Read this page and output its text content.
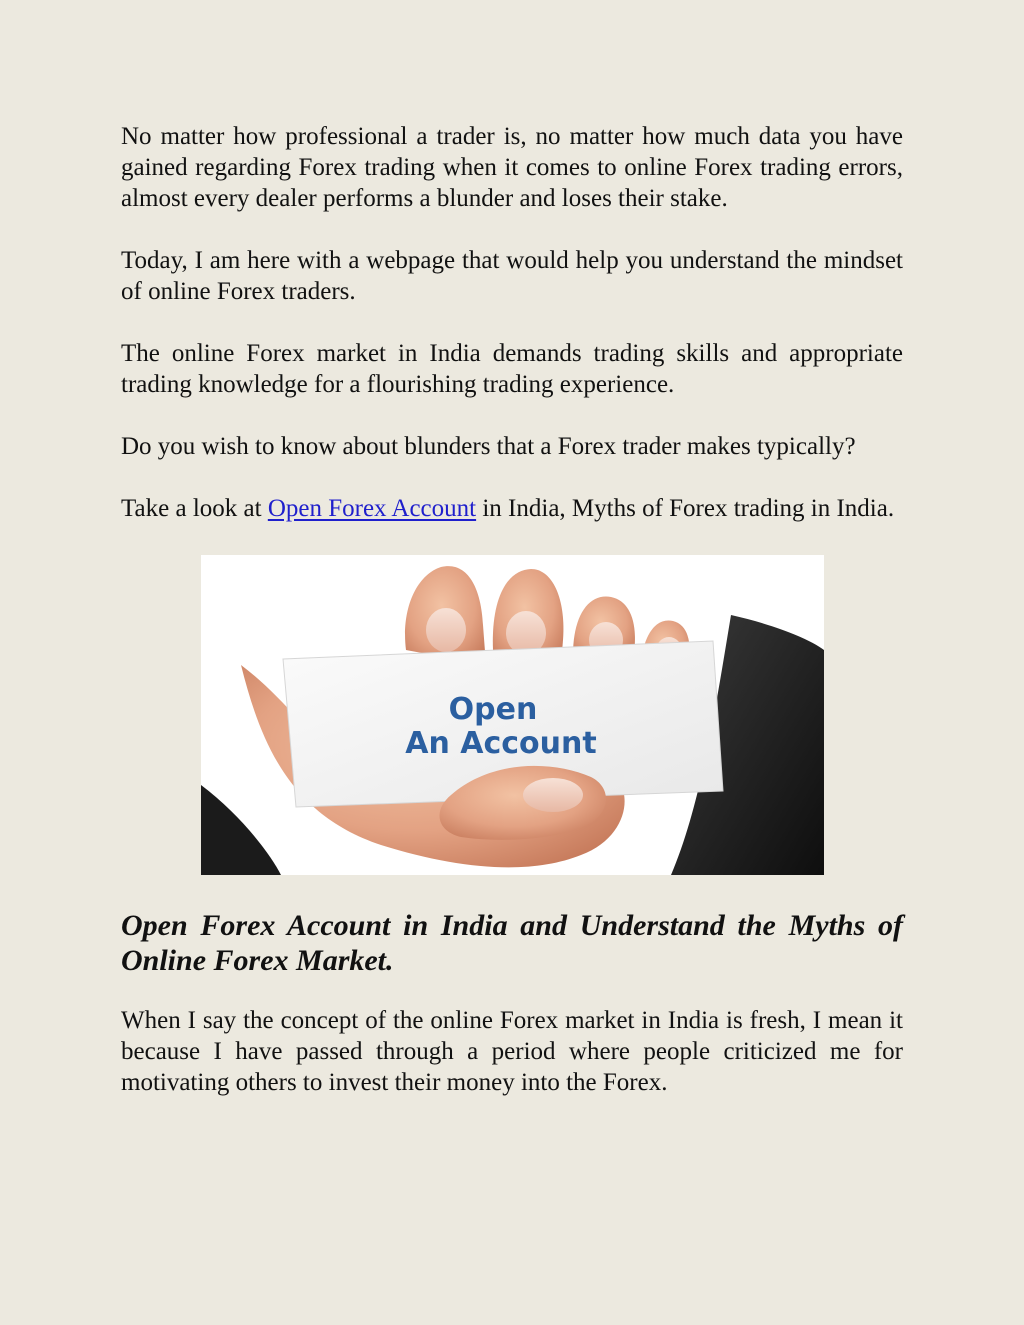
No matter how professional a trader is, no matter how much data you have gained regarding Forex trading when it comes to online Forex trading errors, almost every dealer performs a blunder and loses their stake.

Today, I am here with a webpage that would help you understand the mindset of online Forex traders.

The online Forex market in India demands trading skills and appropriate trading knowledge for a flourishing trading experience.

Do you wish to know about blunders that a Forex trader makes typically?

Take a look at Open Forex Account in India, Myths of Forex trading in India.

Open
An Account
Open Forex Account in India and Understand the Myths of Online Forex Market.

When I say the concept of the online Forex market in India is fresh, I mean it because I have passed through a period where people criticized me for motivating others to invest their money into the Forex.
